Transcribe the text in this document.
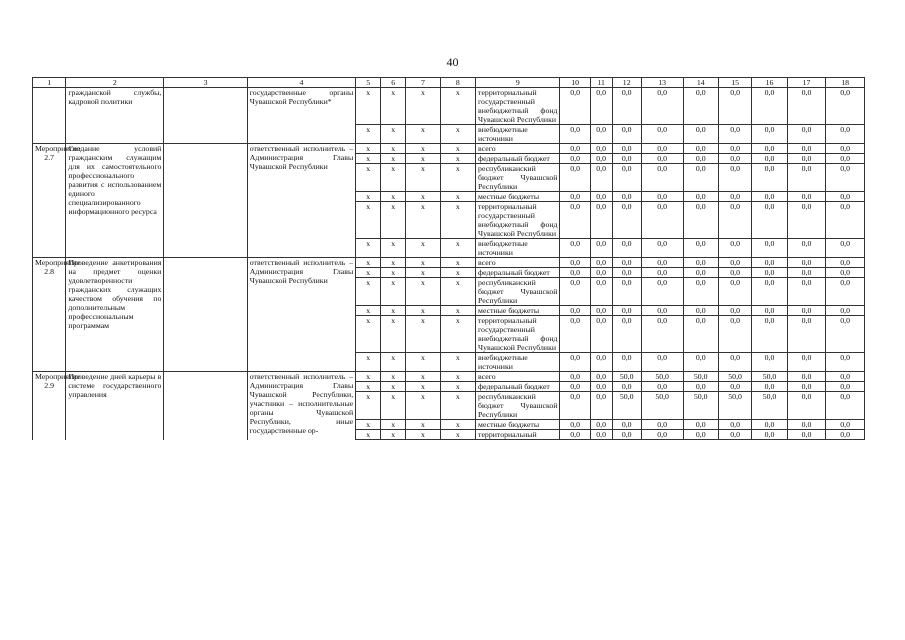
40
1	2	3	4	5	6	7	8	9	10	11	12	13	14	15	16	17	18
	гражданской службы, кадровой политики		государственные органы Чувашской Республики*	х	х	х	х	территориальный государственный внебюджетный фонд Чувашской Республики	0,0	0,0	0,0	0,0	0,0	0,0	0,0	0,0	0,0
				х	х	х	х	внебюджетные источники	0,0	0,0	0,0	0,0	0,0	0,0	0,0	0,0	0,0
Мероприятие 2.7	Создание условий гражданским служащим для их самостоятельного профессионального развития с использованием единого специализированного информационного ресурса		ответственный исполнитель – Администрация Главы Чувашской Республики	х	х	х	х	всего	0,0	0,0	0,0	0,0	0,0	0,0	0,0	0,0	0,0
				х	х	х	х	федеральный бюджет	0,0	0,0	0,0	0,0	0,0	0,0	0,0	0,0	0,0
				х	х	х	х	республиканский бюджет Чувашской Республики	0,0	0,0	0,0	0,0	0,0	0,0	0,0	0,0	0,0
				х	х	х	х	местные бюджеты	0,0	0,0	0,0	0,0	0,0	0,0	0,0	0,0	0,0
				х	х	х	х	территориальный государственный внебюджетный фонд Чувашской Республики	0,0	0,0	0,0	0,0	0,0	0,0	0,0	0,0	0,0
				х	х	х	х	внебюджетные источники	0,0	0,0	0,0	0,0	0,0	0,0	0,0	0,0	0,0
Мероприятие 2.8	Проведение анкетирования на предмет оценки удовлетворенности гражданских служащих качеством обучения по дополнительным профессиональным программам		ответственный исполнитель – Администрация Главы Чувашской Республики	х	х	х	х	всего	0,0	0,0	0,0	0,0	0,0	0,0	0,0	0,0	0,0
				х	х	х	х	федеральный бюджет	0,0	0,0	0,0	0,0	0,0	0,0	0,0	0,0	0,0
				х	х	х	х	республиканский бюджет Чувашской Республики	0,0	0,0	0,0	0,0	0,0	0,0	0,0	0,0	0,0
				х	х	х	х	местные бюджеты	0,0	0,0	0,0	0,0	0,0	0,0	0,0	0,0	0,0
				х	х	х	х	территориальный государственный внебюджетный фонд Чувашской Республики	0,0	0,0	0,0	0,0	0,0	0,0	0,0	0,0	0,0
				х	х	х	х	внебюджетные источники	0,0	0,0	0,0	0,0	0,0	0,0	0,0	0,0	0,0
Мероприятие 2.9	Проведение дней карьеры в системе государственного управления		ответственный исполнитель – Администрация Главы Чувашской Республики, участники – исполнительные органы Чувашской Республики, иные государственные ор-	х	х	х	х	всего	0,0	0,0	50,0	50,0	50,0	50,0	50,0	0,0	0,0
				х	х	х	х	федеральный бюджет	0,0	0,0	0,0	0,0	0,0	0,0	0,0	0,0	0,0
				х	х	х	х	республиканский бюджет Чувашской Республики	0,0	0,0	50,0	50,0	50,0	50,0	50,0	0,0	0,0
				х	х	х	х	местные бюджеты	0,0	0,0	0,0	0,0	0,0	0,0	0,0	0,0	0,0
				х	х	х	х	территориальный	0,0	0,0	0,0	0,0	0,0	0,0	0,0	0,0	0,0
